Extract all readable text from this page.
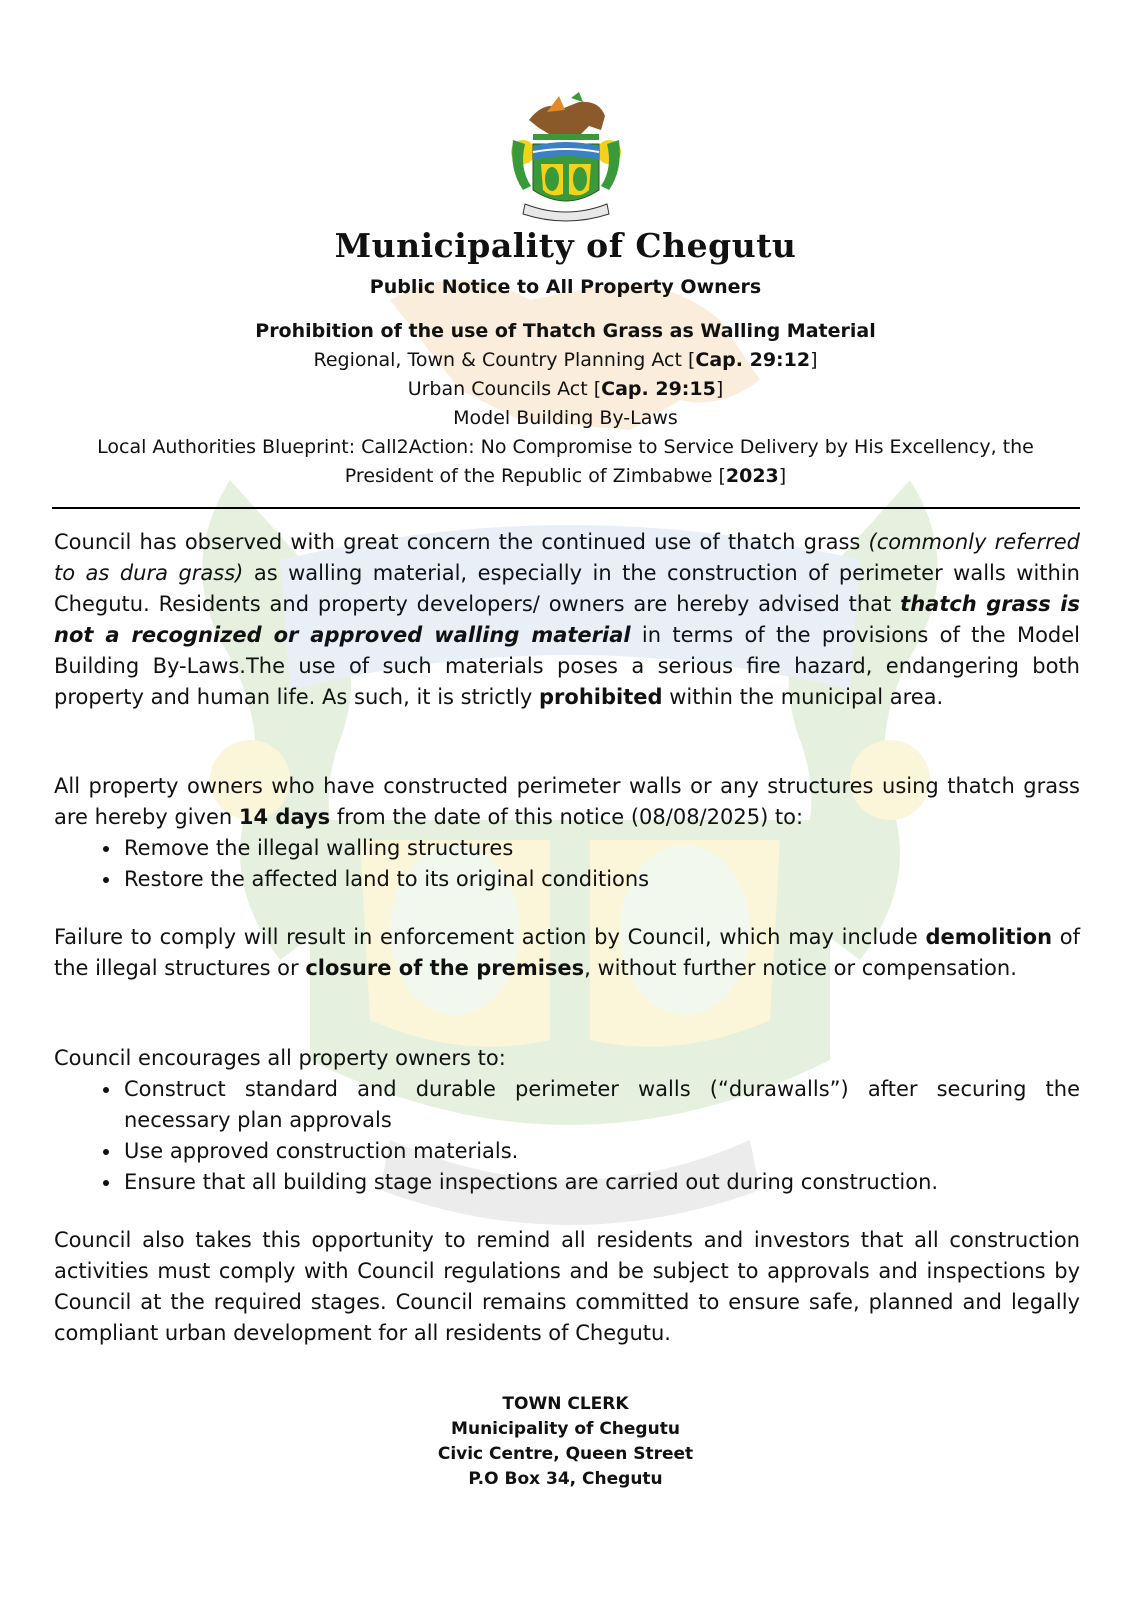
Municipality of Chegutu
Public Notice to All Property Owners
Prohibition of the use of Thatch Grass as Walling Material
Regional, Town & Country Planning Act [Cap. 29:12]
Urban Councils Act [Cap. 29:15]
Model Building By-Laws
Local Authorities Blueprint: Call2Action: No Compromise to Service Delivery by His Excellency, the
President of the Republic of Zimbabwe [2023]

Council has observed with great concern the continued use of thatch grass (commonly referred to as dura grass) as walling material, especially in the construction of perimeter walls within Chegutu. Residents and property developers/ owners are hereby advised that thatch grass is not a recognized or approved walling material in terms of the provisions of the Model Building By-Laws.The use of such materials poses a serious fire hazard, endangering both property and human life. As such, it is strictly prohibited within the municipal area.

All property owners who have constructed perimeter walls or any structures using thatch grass are hereby given 14 days from the date of this notice (08/08/2025) to:

• Remove the illegal walling structures
• Restore the affected land to its original conditions

Failure to comply will result in enforcement action by Council, which may include demolition of the illegal structures or closure of the premises, without further notice or compensation.

Council encourages all property owners to:

• Construct standard and durable perimeter walls (“durawalls”) after securing the necessary plan approvals
• Use approved construction materials.
• Ensure that all building stage inspections are carried out during construction.

Council also takes this opportunity to remind all residents and investors that all construction activities must comply with Council regulations and be subject to approvals and inspections by Council at the required stages. Council remains committed to ensure safe, planned and legally compliant urban development for all residents of Chegutu.

TOWN CLERK
Municipality of Chegutu
Civic Centre, Queen Street
P.O Box 34, Chegutu
